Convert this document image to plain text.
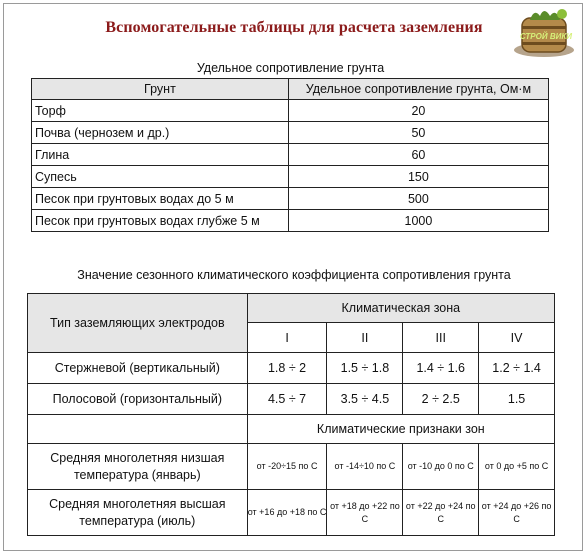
Вспомогательные таблицы для расчета заземления
СТРОЙ ВИКИ
Удельное сопротивление грунта
Грунт	Удельное сопротивление грунта, Ом·м
Торф	20
Почва (чернозем и др.)	50
Глина	60
Супесь	150
Песок при грунтовых водах до 5 м	500
Песок при грунтовых водах глубже 5 м	1000
Значение сезонного климатического коэффициента сопротивления грунта
Тип заземляющих электродов	Климатическая зона			
	I	II	III	IV
Стержневой (вертикальный)	1.8 ÷ 2	1.5 ÷ 1.8	1.4 ÷ 1.6	1.2 ÷ 1.4
Полосовой (горизонтальный)	4.5 ÷ 7	3.5 ÷ 4.5	2 ÷ 2.5	1.5
	Климатические признаки зон			
Средняя многолетняя низшая температура (январь)	от -20÷15 по С	от -14÷10 по С	от -10 до 0 по С	от 0 до +5 по С
Средняя многолетняя высшая температура (июль)	от +16 до +18 по С	от +18 до +22 по С	от +22 до +24 по С	от +24 до +26 по С
